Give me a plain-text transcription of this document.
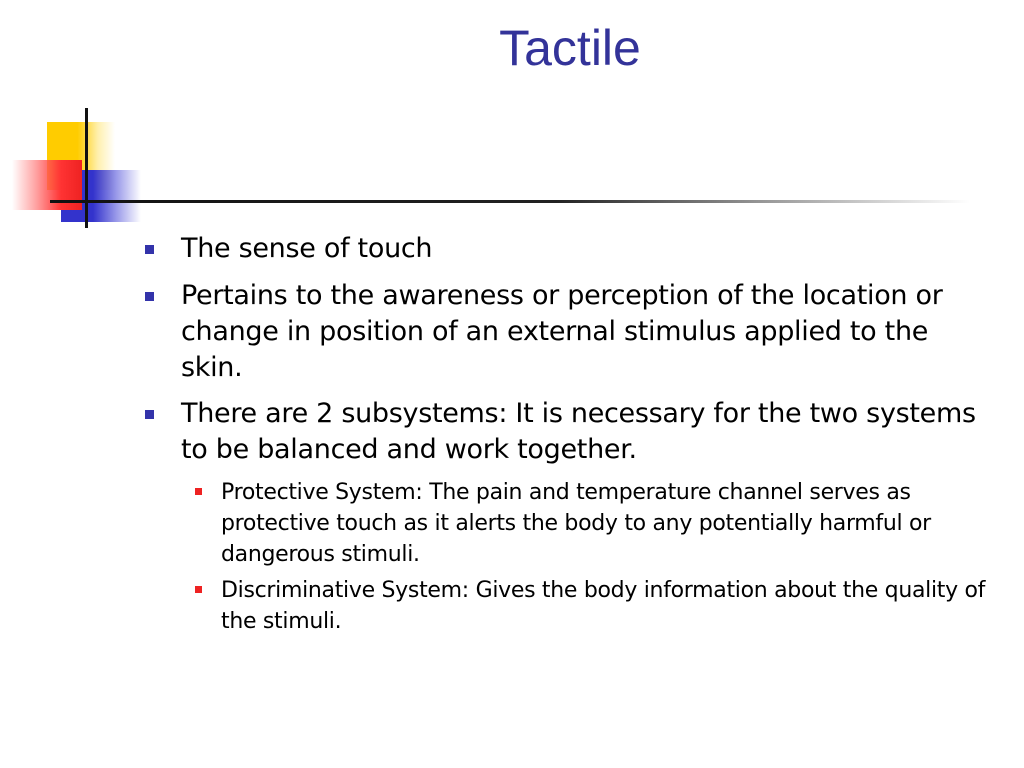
Tactile
The sense of touch
Pertains to the awareness or perception of the location or change in position of an external stimulus applied to the skin.
There are 2 subsystems: It is necessary for the two systems to be balanced and work together.
Protective System: The pain and temperature channel serves as protective touch as it alerts the body to any potentially harmful or dangerous stimuli.
Discriminative System: Gives the body information about the quality of the stimuli.
